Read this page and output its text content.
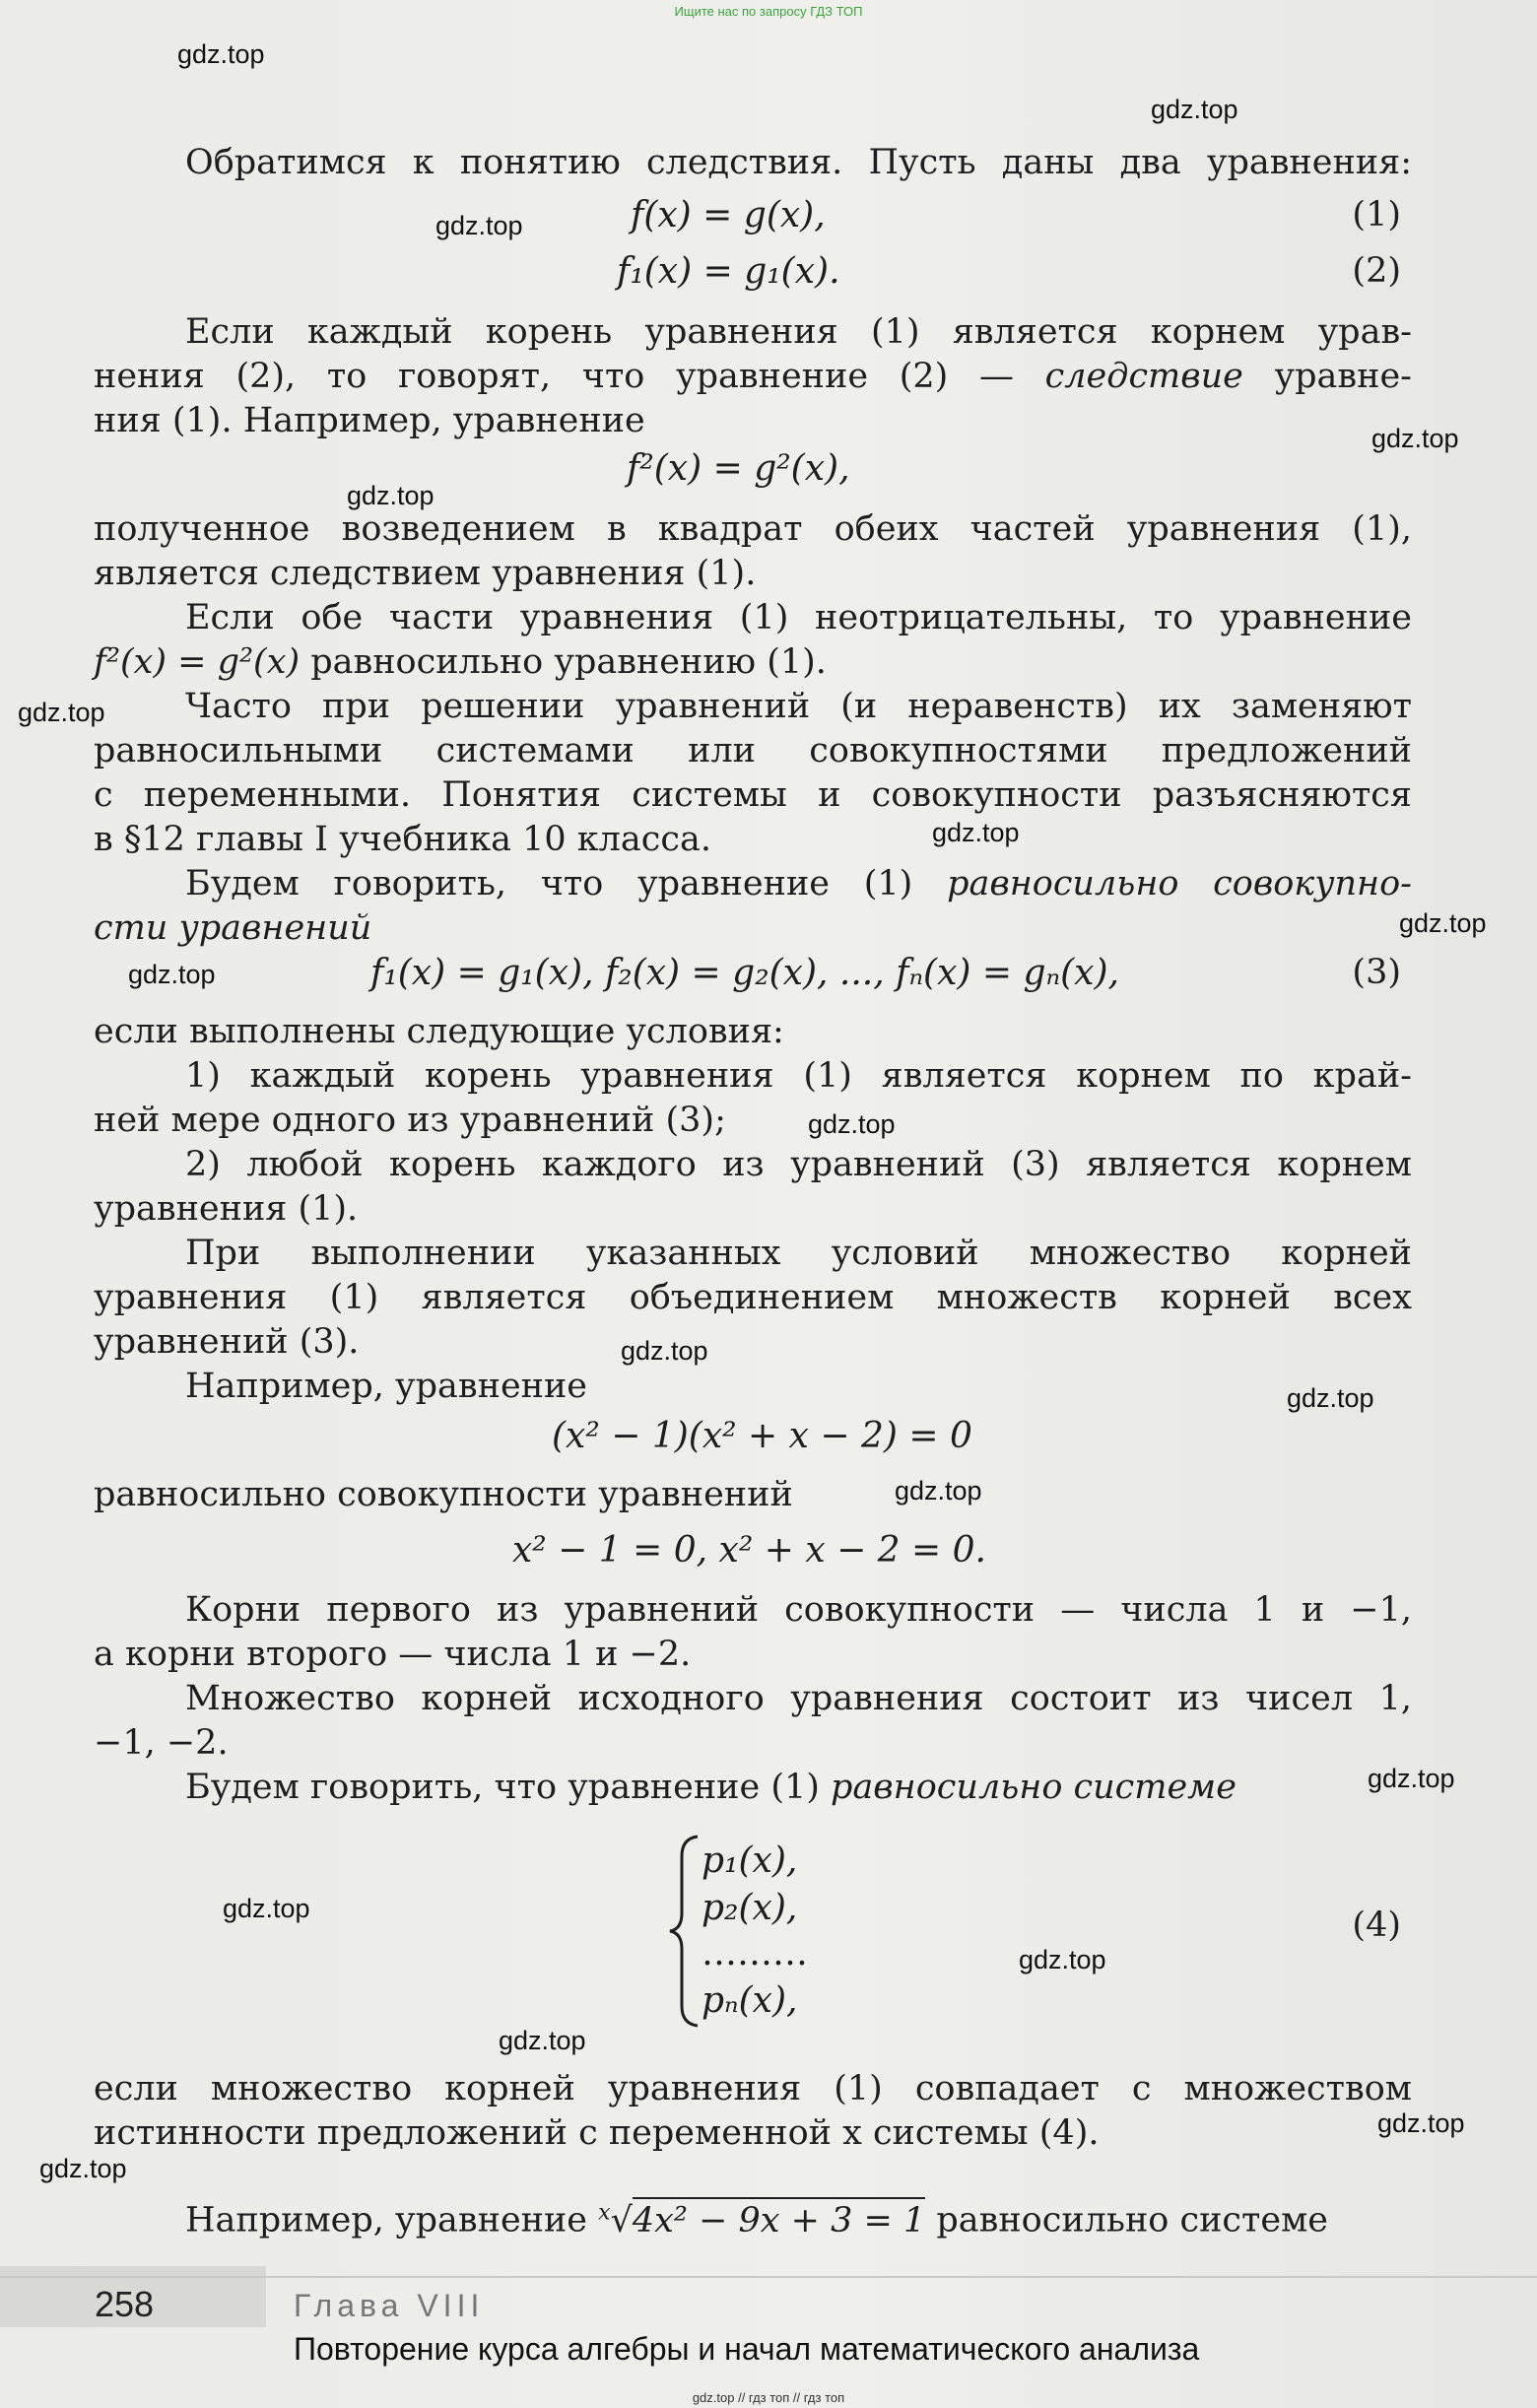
Ищите нас по запросу ГДЗ ТОП
gdz.top
gdz.top
gdz.top
gdz.top
gdz.top
gdz.top
gdz.top
gdz.top
gdz.top
gdz.top
gdz.top
gdz.top
gdz.top
gdz.top
gdz.top
gdz.top
gdz.top
gdz.top
gdz.top
Обратимся к понятию следствия. Пусть даны два уравнения:
f(x) = g(x),	(1)
f₁(x) = g₁(x).	(2)
Если каждый корень уравнения (1) является корнем урав-
нения (2), то говорят, что уравнение (2) — следствие уравне-
ния (1). Например, уравнение
f²(x) = g²(x),
полученное возведением в квадрат обеих частей уравнения (1),
является следствием уравнения (1).
Если обе части уравнения (1) неотрицательны, то уравнение
f²(x) = g²(x) равносильно уравнению (1).
Часто при решении уравнений (и неравенств) их заменяют
равносильными системами или совокупностями предложений
с переменными. Понятия системы и совокупности разъясняются
в §12 главы I учебника 10 класса.
Будем говорить, что уравнение (1) равносильно совокупно-
сти уравнений
f₁(x) = g₁(x), f₂(x) = g₂(x), ..., fₙ(x) = gₙ(x),	(3)
если выполнены следующие условия:
1) каждый корень уравнения (1) является корнем по край-
ней мере одного из уравнений (3);
2) любой корень каждого из уравнений (3) является корнем
уравнения (1).
При выполнении указанных условий множество корней
уравнения (1) является объединением множеств корней всех
уравнений (3).
Например, уравнение
(x² − 1)(x² + x − 2) = 0
равносильно совокупности уравнений
x² − 1 = 0, x² + x − 2 = 0.
Корни первого из уравнений совокупности — числа 1 и −1,
а корни второго — числа 1 и −2.
Множество корней исходного уравнения состоит из чисел 1,
−1, −2.
Будем говорить, что уравнение (1) равносильно системе
p₁(x),
p₂(x),
………
pₙ(x),
(4)
если множество корней уравнения (1) совпадает с множеством
истинности предложений с переменной x системы (4).
Например, уравнение $^x$√4x² − 9x + 3 = 1 равносильно системе
258	Глава VIII
Повторение курса алгебры и начал математического анализа
gdz.top // гдз топ // гдз топ
